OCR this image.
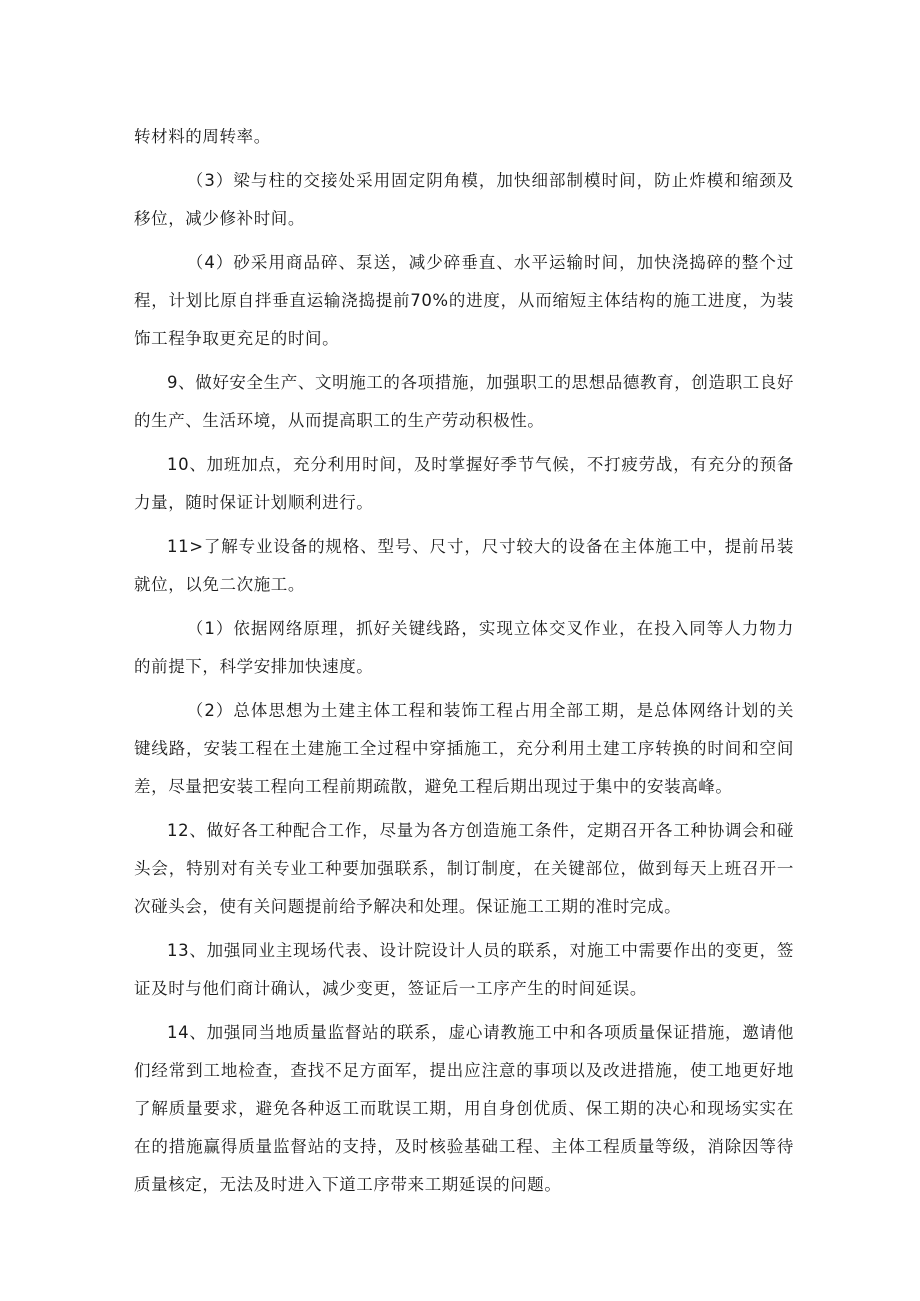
转材料的周转率。

（3）梁与柱的交接处采用固定阴角模，加快细部制模时间，防止炸模和缩颈及移位，减少修补时间。

（4）砂采用商品碎、泵送，减少碎垂直、水平运输时间，加快浇捣碎的整个过程，计划比原自拌垂直运输浇捣提前70%的进度，从而缩短主体结构的施工进度，为装饰工程争取更充足的时间。

9、做好安全生产、文明施工的各项措施，加强职工的思想品德教育，创造职工良好的生产、生活环境，从而提高职工的生产劳动积极性。

10、加班加点，充分利用时间，及时掌握好季节气候，不打疲劳战，有充分的预备力量，随时保证计划顺利进行。

11>了解专业设备的规格、型号、尺寸，尺寸较大的设备在主体施工中，提前吊装就位，以免二次施工。

（1）依据网络原理，抓好关键线路，实现立体交叉作业，在投入同等人力物力的前提下，科学安排加快速度。

（2）总体思想为土建主体工程和装饰工程占用全部工期，是总体网络计划的关键线路，安装工程在土建施工全过程中穿插施工，充分利用土建工序转换的时间和空间差，尽量把安装工程向工程前期疏散，避免工程后期出现过于集中的安装高峰。

12、做好各工种配合工作，尽量为各方创造施工条件，定期召开各工种协调会和碰头会，特别对有关专业工种要加强联系，制订制度，在关键部位，做到每天上班召开一次碰头会，使有关问题提前给予解决和处理。保证施工工期的准时完成。

13、加强同业主现场代表、设计院设计人员的联系，对施工中需要作出的变更，签证及时与他们商计确认，减少变更，签证后一工序产生的时间延误。

14、加强同当地质量监督站的联系，虚心请教施工中和各项质量保证措施，邀请他们经常到工地检查，查找不足方面军，提出应注意的事项以及改进措施，使工地更好地了解质量要求，避免各种返工而耽误工期，用自身创优质、保工期的决心和现场实实在在的措施赢得质量监督站的支持，及时核验基础工程、主体工程质量等级，消除因等待质量核定，无法及时进入下道工序带来工期延误的问题。
